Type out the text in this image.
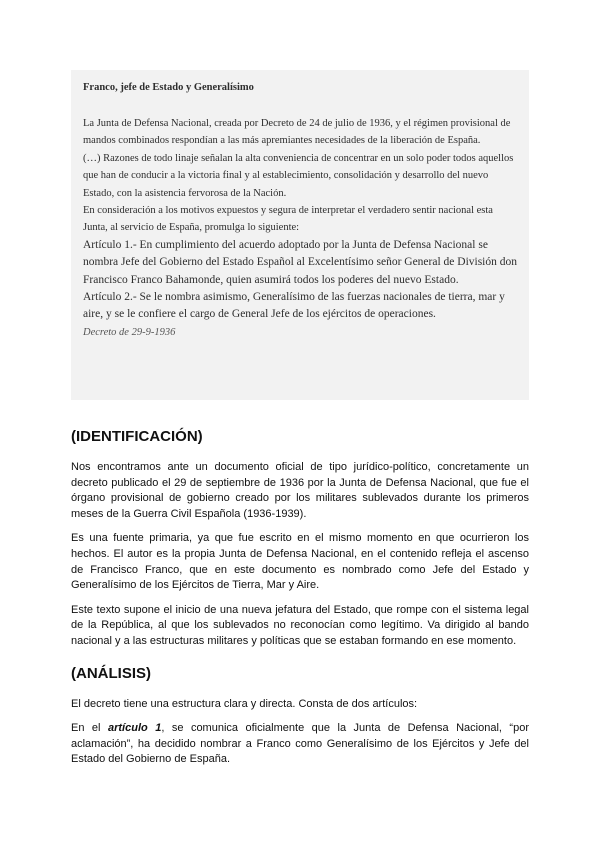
Franco, jefe de Estado y Generalísimo

La Junta de Defensa Nacional, creada por Decreto de 24 de julio de 1936, y el régimen provisional de mandos combinados respondían a las más apremiantes necesidades de la liberación de España.

(…) Razones de todo linaje señalan la alta conveniencia de concentrar en un solo poder todos aquellos que han de conducir a la victoria final y al establecimiento, consolidación y desarrollo del nuevo Estado, con la asistencia fervorosa de la Nación.

En consideración a los motivos expuestos y segura de interpretar el verdadero sentir nacional esta Junta, al servicio de España, promulga lo siguiente:

Artículo 1.- En cumplimiento del acuerdo adoptado por la Junta de Defensa Nacional se nombra Jefe del Gobierno del Estado Español al Excelentísimo señor General de División don Francisco Franco Bahamonde, quien asumirá todos los poderes del nuevo Estado.

Artículo 2.- Se le nombra asimismo, Generalísimo de las fuerzas nacionales de tierra, mar y aire, y se le confiere el cargo de General Jefe de los ejércitos de operaciones.

Decreto de 29-9-1936

(IDENTIFICACIÓN)

Nos encontramos ante un documento oficial de tipo jurídico-político, concretamente un decreto publicado el 29 de septiembre de 1936 por la Junta de Defensa Nacional, que fue el órgano provisional de gobierno creado por los militares sublevados durante los primeros meses de la Guerra Civil Española (1936-1939).

Es una fuente primaria, ya que fue escrito en el mismo momento en que ocurrieron los hechos. El autor es la propia Junta de Defensa Nacional, en el contenido refleja el ascenso de Francisco Franco, que en este documento es nombrado como Jefe del Estado y Generalísimo de los Ejércitos de Tierra, Mar y Aire.

Este texto supone el inicio de una nueva jefatura del Estado, que rompe con el sistema legal de la República, al que los sublevados no reconocían como legítimo. Va dirigido al bando nacional y a las estructuras militares y políticas que se estaban formando en ese momento.

(ANÁLISIS)

El decreto tiene una estructura clara y directa. Consta de dos artículos:

En el artículo 1, se comunica oficialmente que la Junta de Defensa Nacional, “por aclamación”, ha decidido nombrar a Franco como Generalísimo de los Ejércitos y Jefe del Estado del Gobierno de España.
